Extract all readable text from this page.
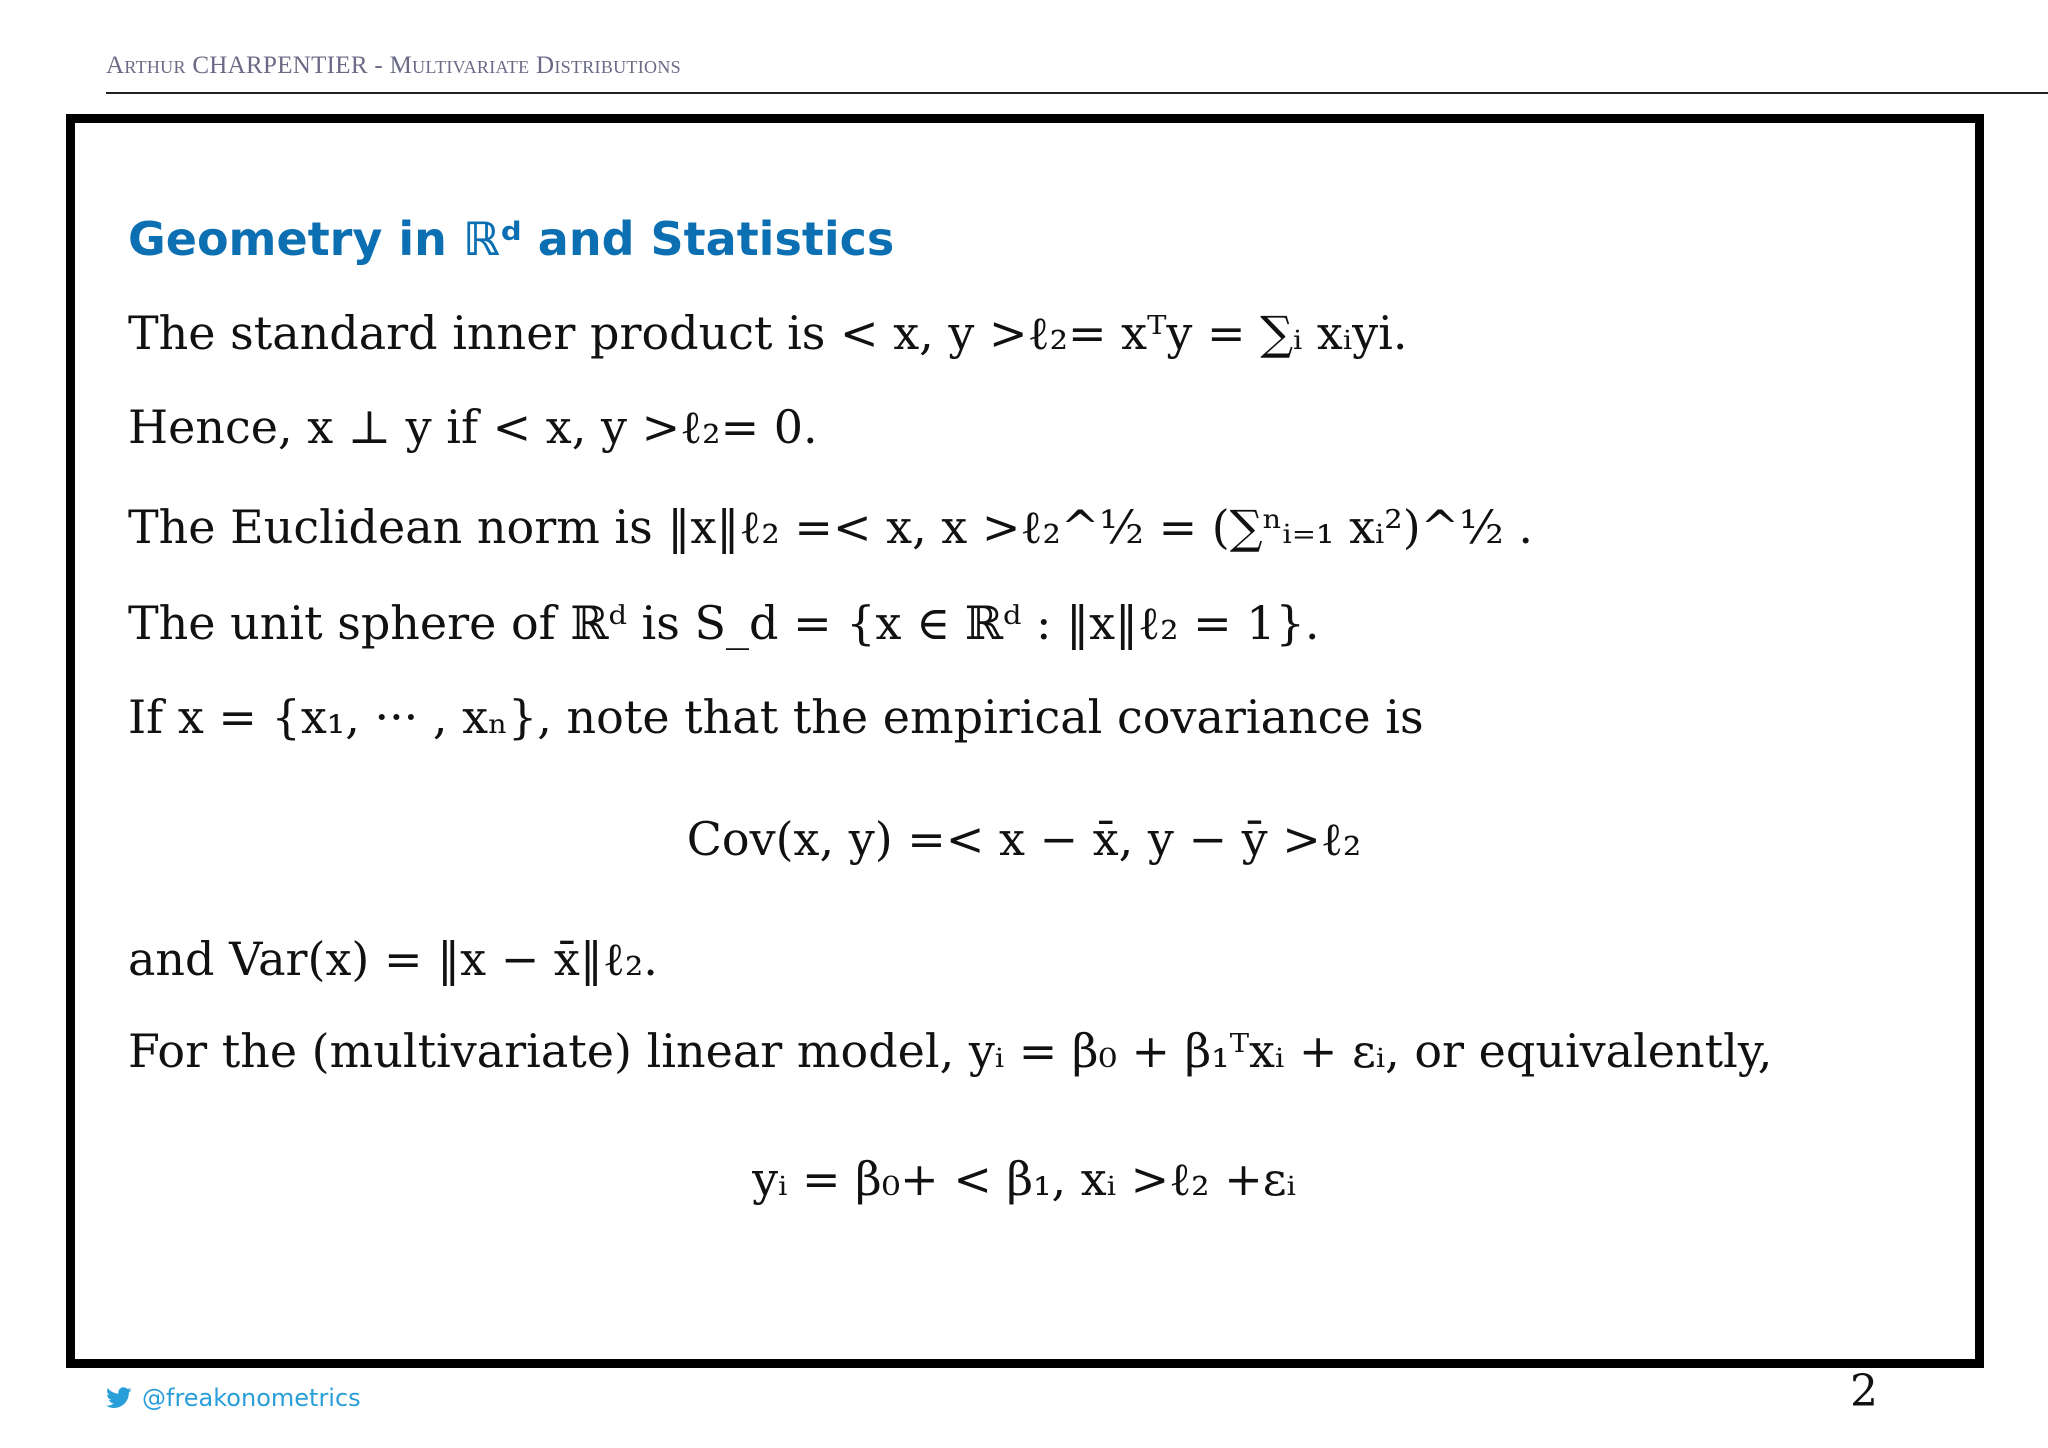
Arthur CHARPENTIER - Multivariate Distributions
Geometry in ℝᵈ and Statistics
The standard inner product is < x, y >ℓ₂= xᵀy = ∑ᵢ xᵢyi.
Hence, x ⊥ y if < x, y >ℓ₂= 0.
The Euclidean norm is ‖x‖ℓ₂ =< x, x >ℓ₂^½ = (∑ⁿᵢ₌₁ xᵢ²)^½ .
The unit sphere of ℝᵈ is S_d = {x ∈ ℝᵈ : ‖x‖ℓ₂ = 1}.
If x = {x₁, ··· , xₙ}, note that the empirical covariance is
Cov(x, y) =< x − x̄, y − ȳ >ℓ₂
and Var(x) = ‖x − x̄‖ℓ₂.
For the (multivariate) linear model, yᵢ = β₀ + β₁ᵀxᵢ + εᵢ, or equivalently,
yᵢ = β₀+ < β₁, xᵢ >ℓ₂ +εᵢ
@freakonometrics	2
